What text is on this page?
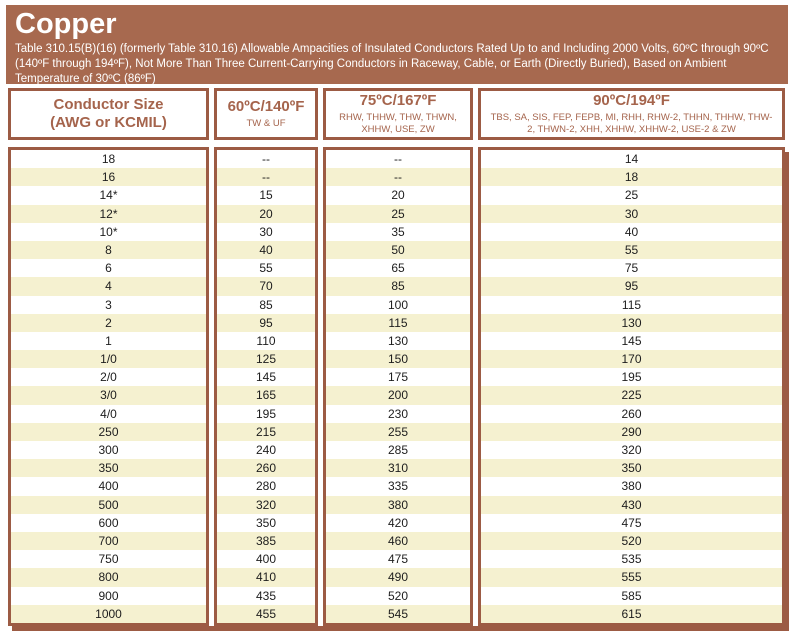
Copper

Table 310.15(B)(16) (formerly Table 310.16) Allowable Ampacities of Insulated Conductors Rated Up to and Including 2000 Volts, 60ºC through 90ºC (140ºF through 194ºF), Not More Than Three Current-Carrying Conductors in Raceway, Cable, or Earth (Directly Buried), Based on Ambient Temperature of 30ºC (86ºF)

Conductor Size
(AWG or KCMIL)
60ºC/140ºF
TW & UF
75ºC/167ºF
RHW, THHW, THW, THWN, XHHW, USE, ZW
90ºC/194ºF
TBS, SA, SIS, FEP, FEPB, MI, RHH, RHW-2, THHN, THHW, THW-2, THWN-2, XHH, XHHW, XHHW-2, USE-2 & ZW
18
16
14*
12*
10*
8
6
4
3
2
1
1/0
2/0
3/0
4/0
250
300
350
400
500
600
700
750
800
900
1000
--
--
15
20
30
40
55
70
85
95
110
125
145
165
195
215
240
260
280
320
350
385
400
410
435
455
--
--
20
25
35
50
65
85
100
115
130
150
175
200
230
255
285
310
335
380
420
460
475
490
520
545
14
18
25
30
40
55
75
95
115
130
145
170
195
225
260
290
320
350
380
430
475
520
535
555
585
615
